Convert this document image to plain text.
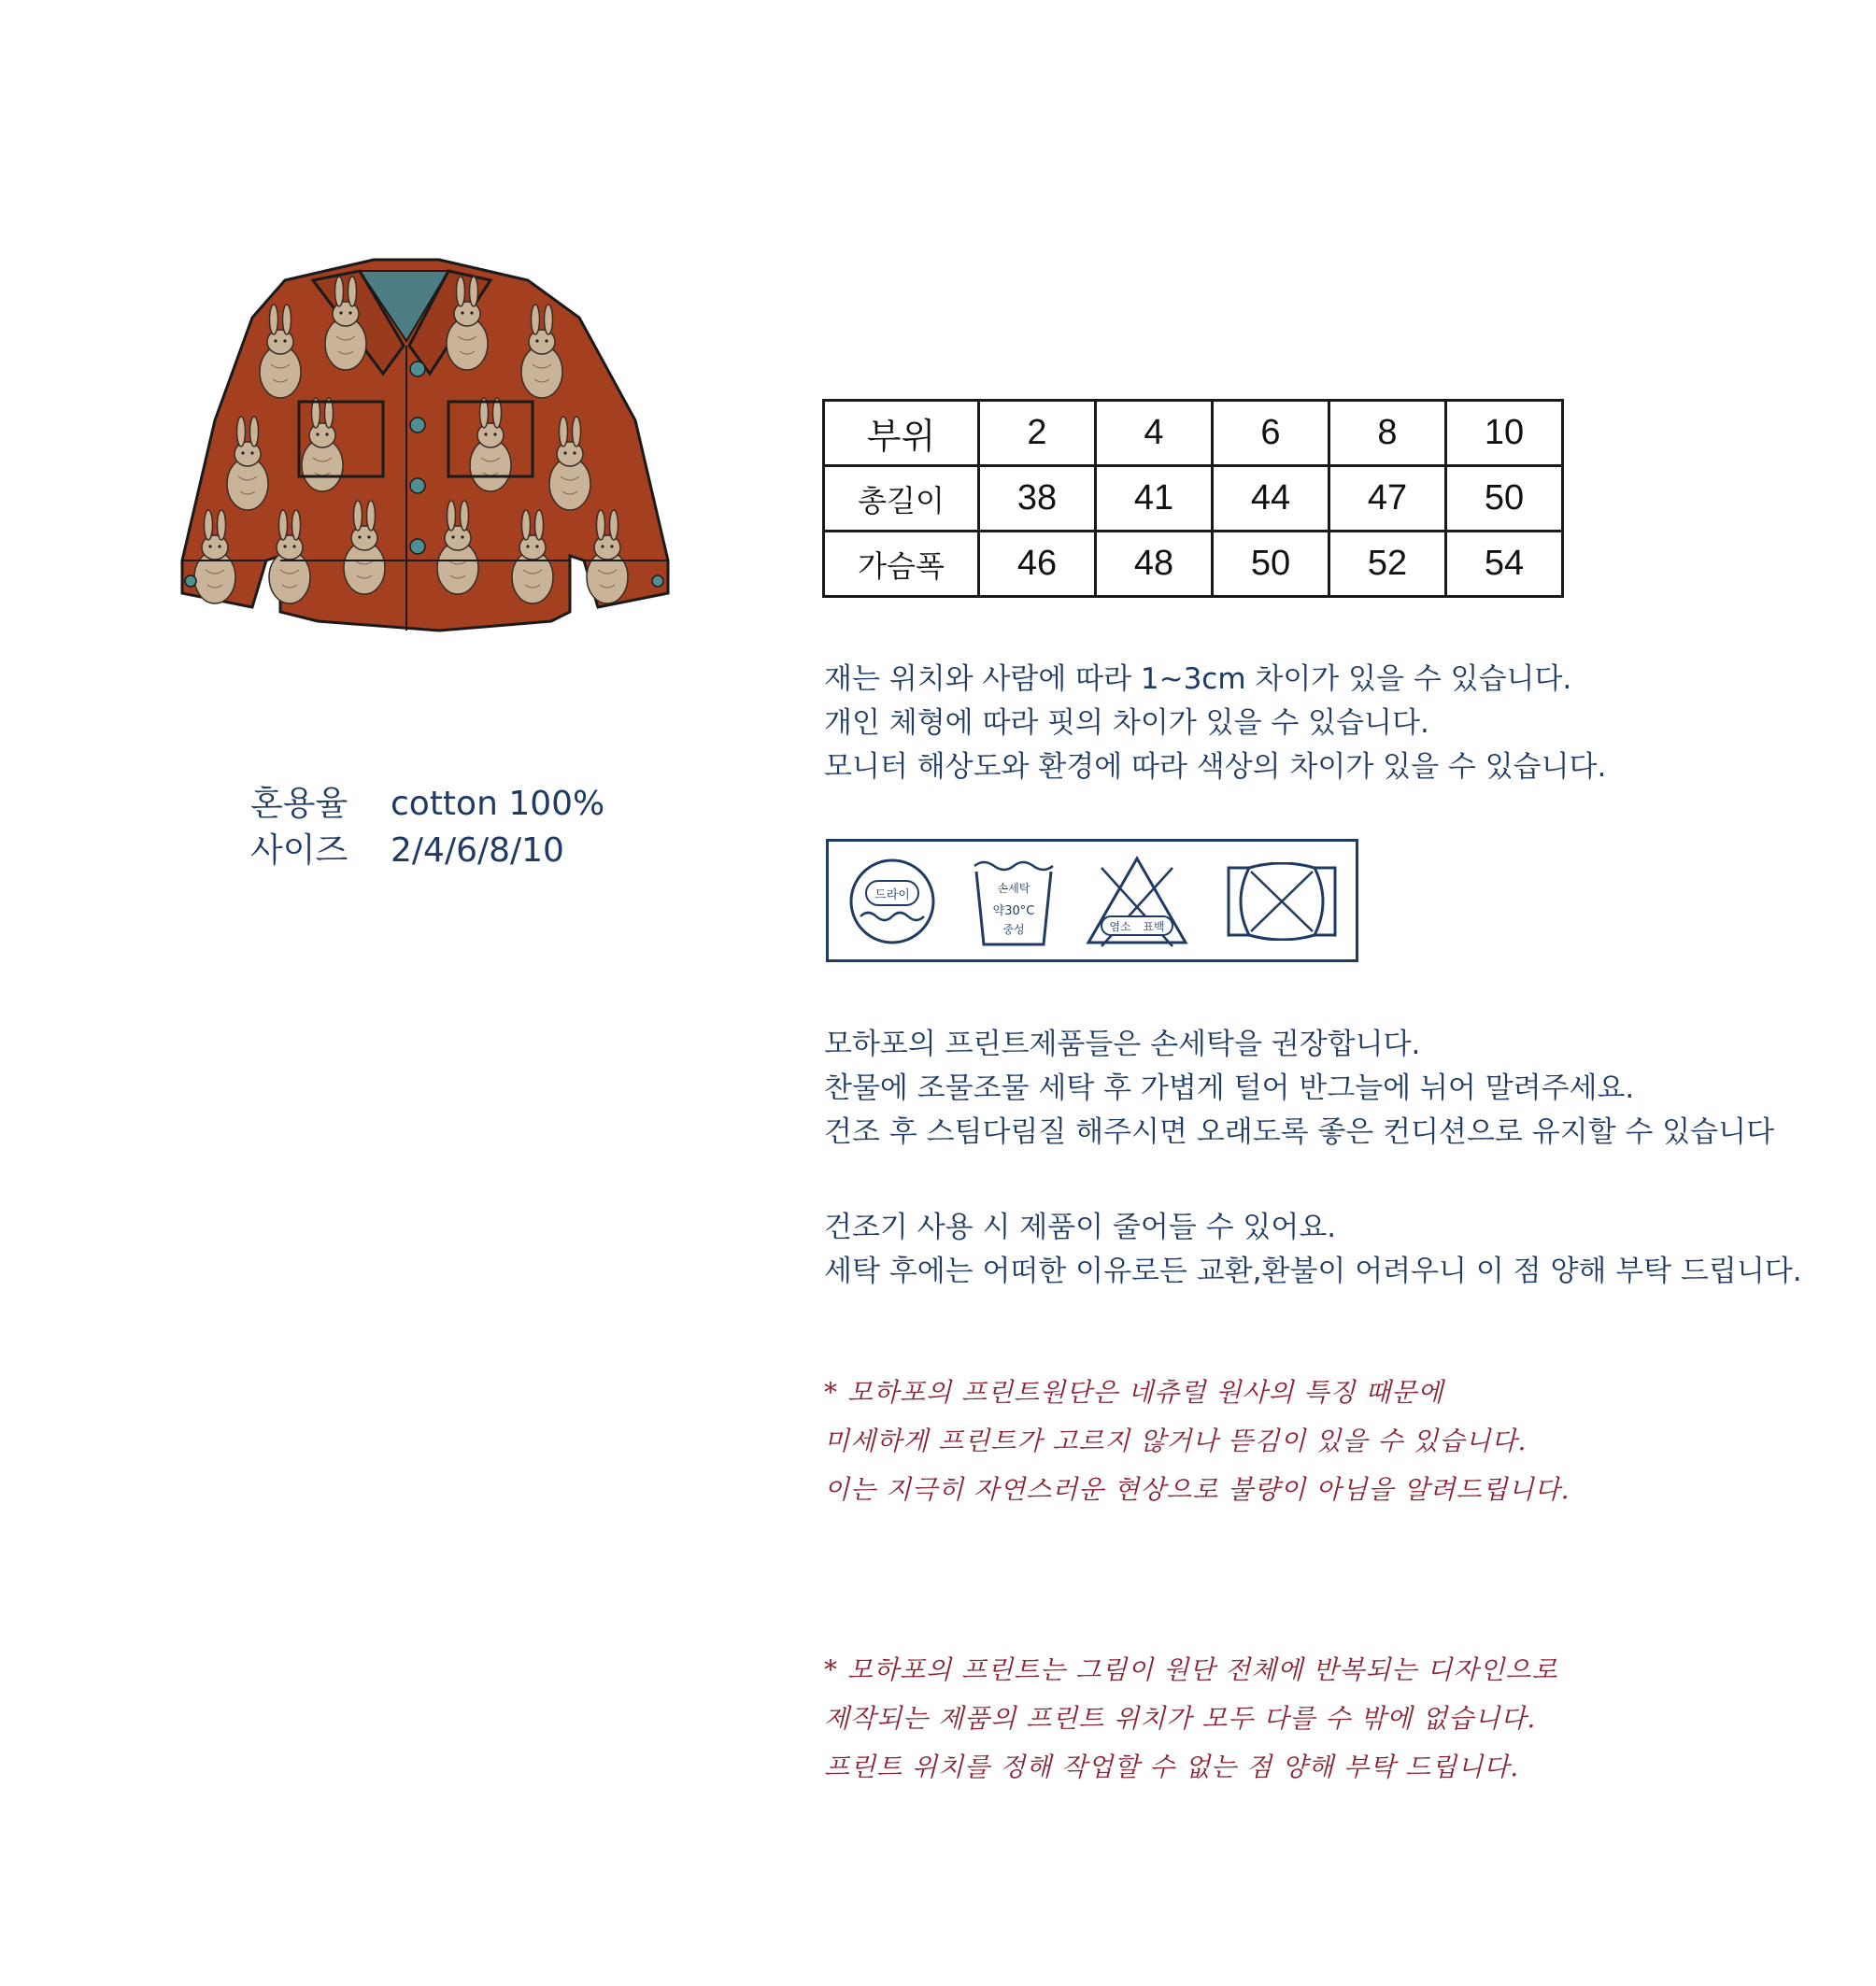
혼용율	cotton 100%
사이즈	2/4/6/8/10
부위	2	4	6	8	10
총길이	38	41	44	47	50
가슴폭	46	48	50	52	54

재는 위치와 사람에 따라 1~3cm 차이가 있을 수 있습니다.

개인 체형에 따라 핏의 차이가 있을 수 있습니다.

모니터 해상도와 환경에 따라 색상의 차이가 있을 수 있습니다.

드라이	손세탁
약30°C
중성	염소 표백

모하포의 프린트제품들은 손세탁을 권장합니다.

찬물에 조물조물 세탁 후 가볍게 털어 반그늘에 뉘어 말려주세요.

건조 후 스팀다림질 해주시면 오래도록 좋은 컨디션으로 유지할 수 있습니다

건조기 사용 시 제품이 줄어들 수 있어요.

세탁 후에는 어떠한 이유로든 교환,환불이 어려우니 이 점 양해 부탁 드립니다.

* 모하포의 프린트원단은 네츄럴 원사의 특징 때문에

미세하게 프린트가 고르지 않거나 뜯김이 있을 수 있습니다.

이는 지극히 자연스러운 현상으로 불량이 아님을 알려드립니다.

* 모하포의 프린트는 그림이 원단 전체에 반복되는 디자인으로

제작되는 제품의 프린트 위치가 모두 다를 수 밖에 없습니다.

프린트 위치를 정해 작업할 수 없는 점 양해 부탁 드립니다.
